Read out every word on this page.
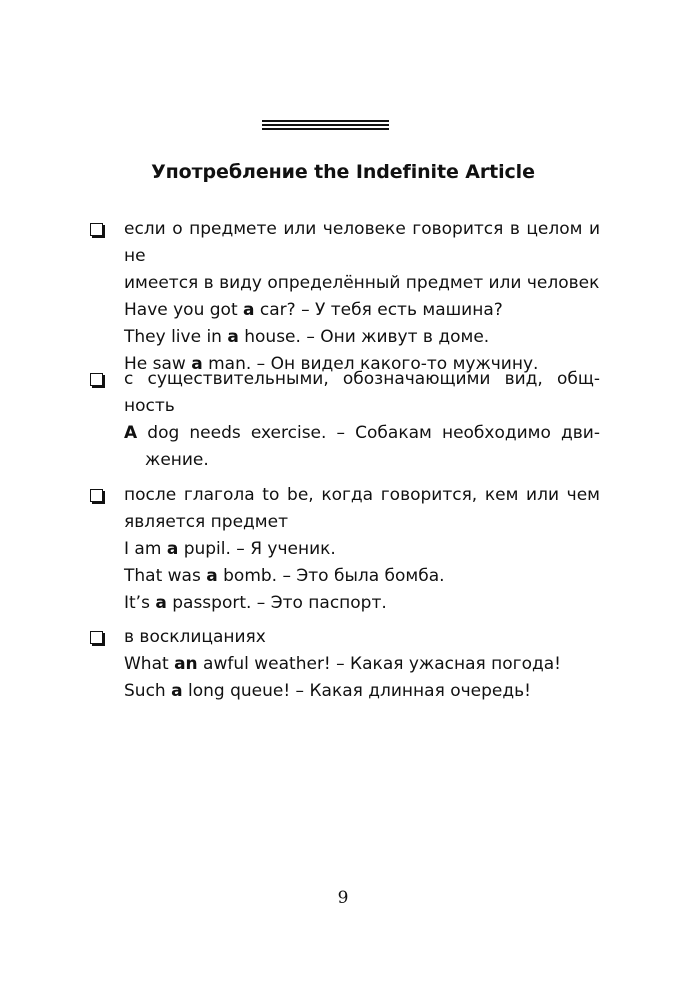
Употребление the Indefinite Article
если о предмете или человеке говорится в целом и не
имеется в виду определённый предмет или человек
Have you got a car? – У тебя есть машина?
They live in a house. – Они живут в доме.
He saw a man. – Он видел какого-то мужчину.
с существительными, обозначающими вид, общ-
ность
A dog needs exercise. – Собакам необходимо дви-
жение.
после глагола to be, когда говорится, кем или чем
является предмет
I am a pupil. – Я ученик.
That was a bomb. – Это была бомба.
It’s a passport. – Это паспорт.
в восклицаниях
What an awful weather! – Какая ужасная погода!
Such a long queue! – Какая длинная очередь!
9
